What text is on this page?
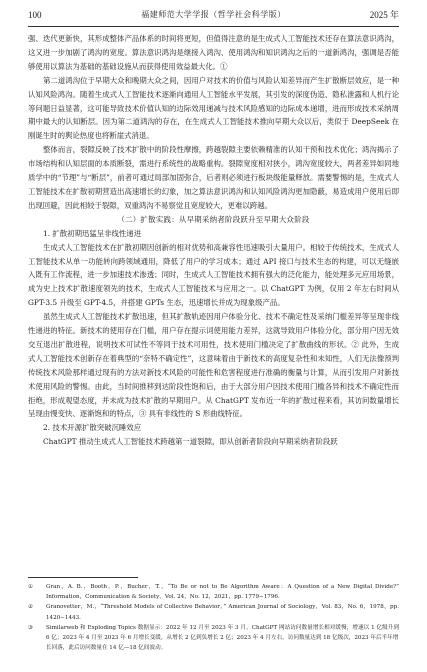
100	福建师范大学学报（哲学社会科学版）	2025 年

强、迭代更新快，其形成整体产品体系的时间将更短，但值得注意的是生成式人工智能技术还存在算法意识鸿沟，这又进一步加剧了鸿沟的宽度。算法意识鸿沟是继接入鸿沟、使用鸿沟和知识鸿沟之后的一道新鸿沟，强调是否能够使用以算法为基础的基础设施从而获得使用效益最大化。①

第二道鸿沟位于早期大众和晚期大众之间，因用户对技术的价值与风险认知差异而产生扩散断层效应，是一种认知风险鸿沟。随着生成式人工智能技术逐渐向通用人工智能水平发展，其引发的深度伪造、隐私泄露和人机行论等问题日益显著，这可能导致技术价值认知的边际效用递减与技术风险感知的边际成本递增，进而形成技术采纳周期中最大的认知断层。因为第二道鸿沟的存在，在生成式人工智能技术推向早期大众以后，类似于 DeepSeek 在刚诞生时的舆论热度也将断崖式消退。

整体而言，裂隙反映了技术扩散中的阶段性摩擦，跨越裂隙主要依赖精准的认知干预和技术优化；鸿沟揭示了市场结构和认知层面的本质断裂，需进行系统性的战略重构。裂隙宽度相对狭小，鸿沟宽度较大，两者差异如同地质学中的“节理”与“断层”，前者可通过局部加固弥合，后者则必须进行板块级能量释放。需要警惕的是，生成式人工智能技术在扩散初期营造出高速增长的幻象，加之算法意识鸿沟和认知风险鸿沟更加隐蔽，易造成用户使用后即出现回避，因此相较于裂隙，双重鸿沟不易察觉且宽度较大，更难以跨越。

（二）扩散实践：从早期采纳者阶段跃升至早期大众阶段

1. 扩散初期迅猛呈非线性递进

生成式人工智能技术在扩散初期因创新的相对优势和高兼容性迅速吸引大量用户。相较于传统技术，生成式人工智能技术从单一功能转向跨领域通用，降低了用户的学习成本；通过 API 接口与技术生态的构建，可以无缝嵌入既有工作流程，进一步加速技术渗透；同时，生成式人工智能技术拥有强大的泛化能力，能处理多元应用场景，成为史上技术扩散速度领先的技术，生成式人工智能技术与应用之一。以 ChatGPT 为例，仅用 2 年左右时间从 GPT-3.5 升级至 GPT-4.5，并搭建 GPTs 生态，迅速增长并成为现象级产品。

虽然生成式人工智能技术扩散迅速，但其扩散轨迹因用户体验分化、技术不确定性及采纳门槛差异等呈现非线性递进的特征。新技术的使用存在门槛，用户存在提示词使用能力差异，这就导致用户体验分化，部分用户因无效交互退出扩散进程，说明技术可试性不等同于技术可用性，技术使用门槛决定了扩散曲线的形状。② 此外，生成式人工智能技术创新存在着典型的“奈特不确定性”，这意味着由于新技术的高度复杂性和未知性，人们无法像预判传统技术风险那样通过现有的方法对新技术风险的可能性和危害程度进行准确的衡量与计算，从而引发用户对新技术使用风险的警惕。由此，当时间推移到达阶段性饱和后，由于大部分用户因技术使用门槛各异和技术不确定性而拒绝，形成观望态度，并未成为技术扩散的早期用户。从 ChatGPT 发布近一年的扩散过程来看，其访问数量增长呈现由慢变快、逐渐饱和的特点，③ 具有非线性的 S 形曲线特征。

2. 技术开源扩散突破沉睡效应

ChatGPT 推动生成式人工智能技术跨越第一道裂隙，即从创新者阶段向早期采纳者阶段跃

①	Gran，A. B.，Booth，P.，Bucher，T.，“To Be or not to Be Algorithm Aware：A Question of a New Digital Divide?” Information，Communication & Society，Vol. 24，No. 12，2021，pp. 1779−1796.
②	Granovetter，M.，“Threshold Models of Collective Behavior，” American Journal of Sociology，Vol. 83，No. 6，1978，pp. 1420−1443.
③	Similarweb 和 Exploding Topics 数据显示：2022 年 12 月至 2023 年 3 月，ChatGPT 网站访问数量增长相对缓慢，增速以 1 亿级升到 6 亿；2023 年 4 月至 2023 年 6 月增长变缓，从增长 2 亿到负增长 2 亿；2023 年 4 月左右，访问数量达到 18 亿级次，2023 年后半年增

长回落，此后访问数量在 14 亿—18 亿间波动。
